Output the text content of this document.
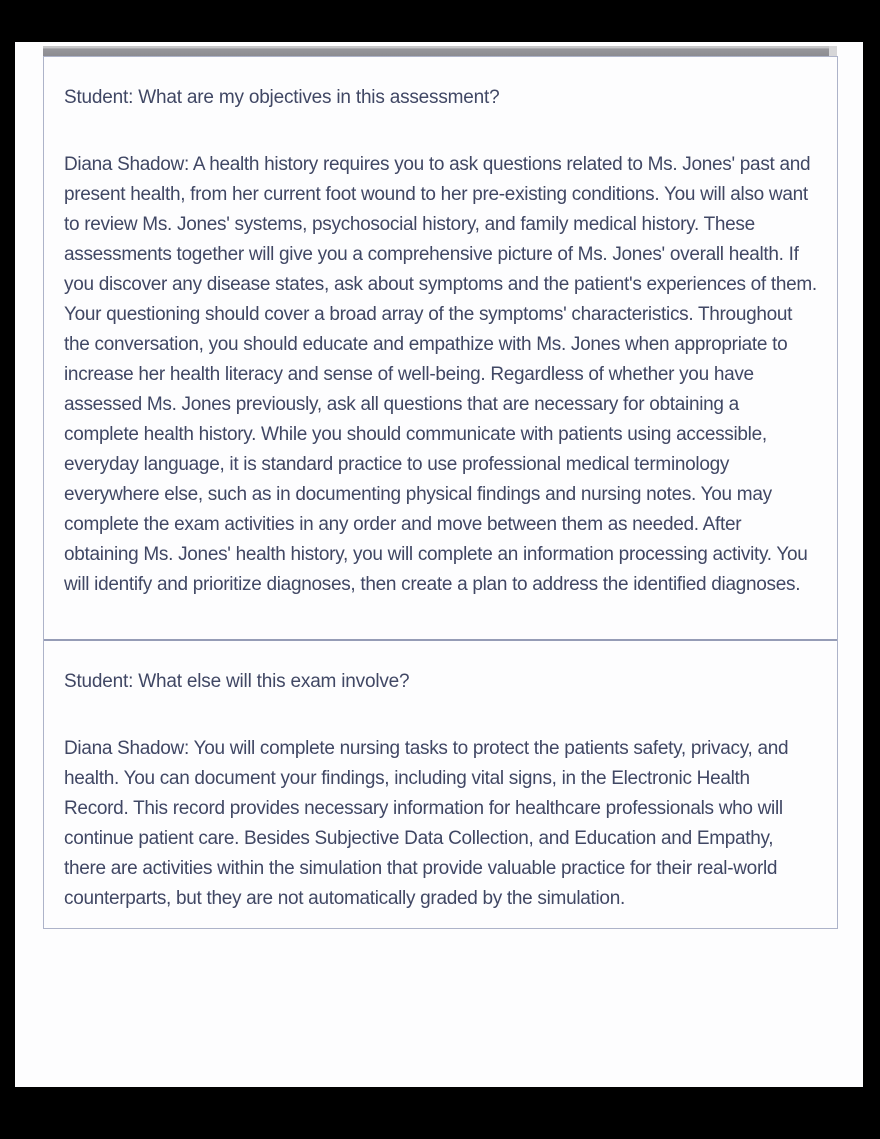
Student: What are my objectives in this assessment?

Diana Shadow: A health history requires you to ask questions related to Ms. Jones' past and present health, from her current foot wound to her pre-existing conditions. You will also want to review Ms. Jones' systems, psychosocial history, and family medical history. These assessments together will give you a comprehensive picture of Ms. Jones' overall health. If you discover any disease states, ask about symptoms and the patient's experiences of them. Your questioning should cover a broad array of the symptoms' characteristics. Throughout the conversation, you should educate and empathize with Ms. Jones when appropriate to increase her health literacy and sense of well-being. Regardless of whether you have assessed Ms. Jones previously, ask all questions that are necessary for obtaining a complete health history. While you should communicate with patients using accessible, everyday language, it is standard practice to use professional medical terminology everywhere else, such as in documenting physical findings and nursing notes. You may complete the exam activities in any order and move between them as needed. After obtaining Ms. Jones' health history, you will complete an information processing activity. You will identify and prioritize diagnoses, then create a plan to address the identified diagnoses.

Student: What else will this exam involve?

Diana Shadow: You will complete nursing tasks to protect the patients safety, privacy, and health. You can document your findings, including vital signs, in the Electronic Health Record. This record provides necessary information for healthcare professionals who will continue patient care. Besides Subjective Data Collection, and Education and Empathy, there are activities within the simulation that provide valuable practice for their real-world counterparts, but they are not automatically graded by the simulation.
